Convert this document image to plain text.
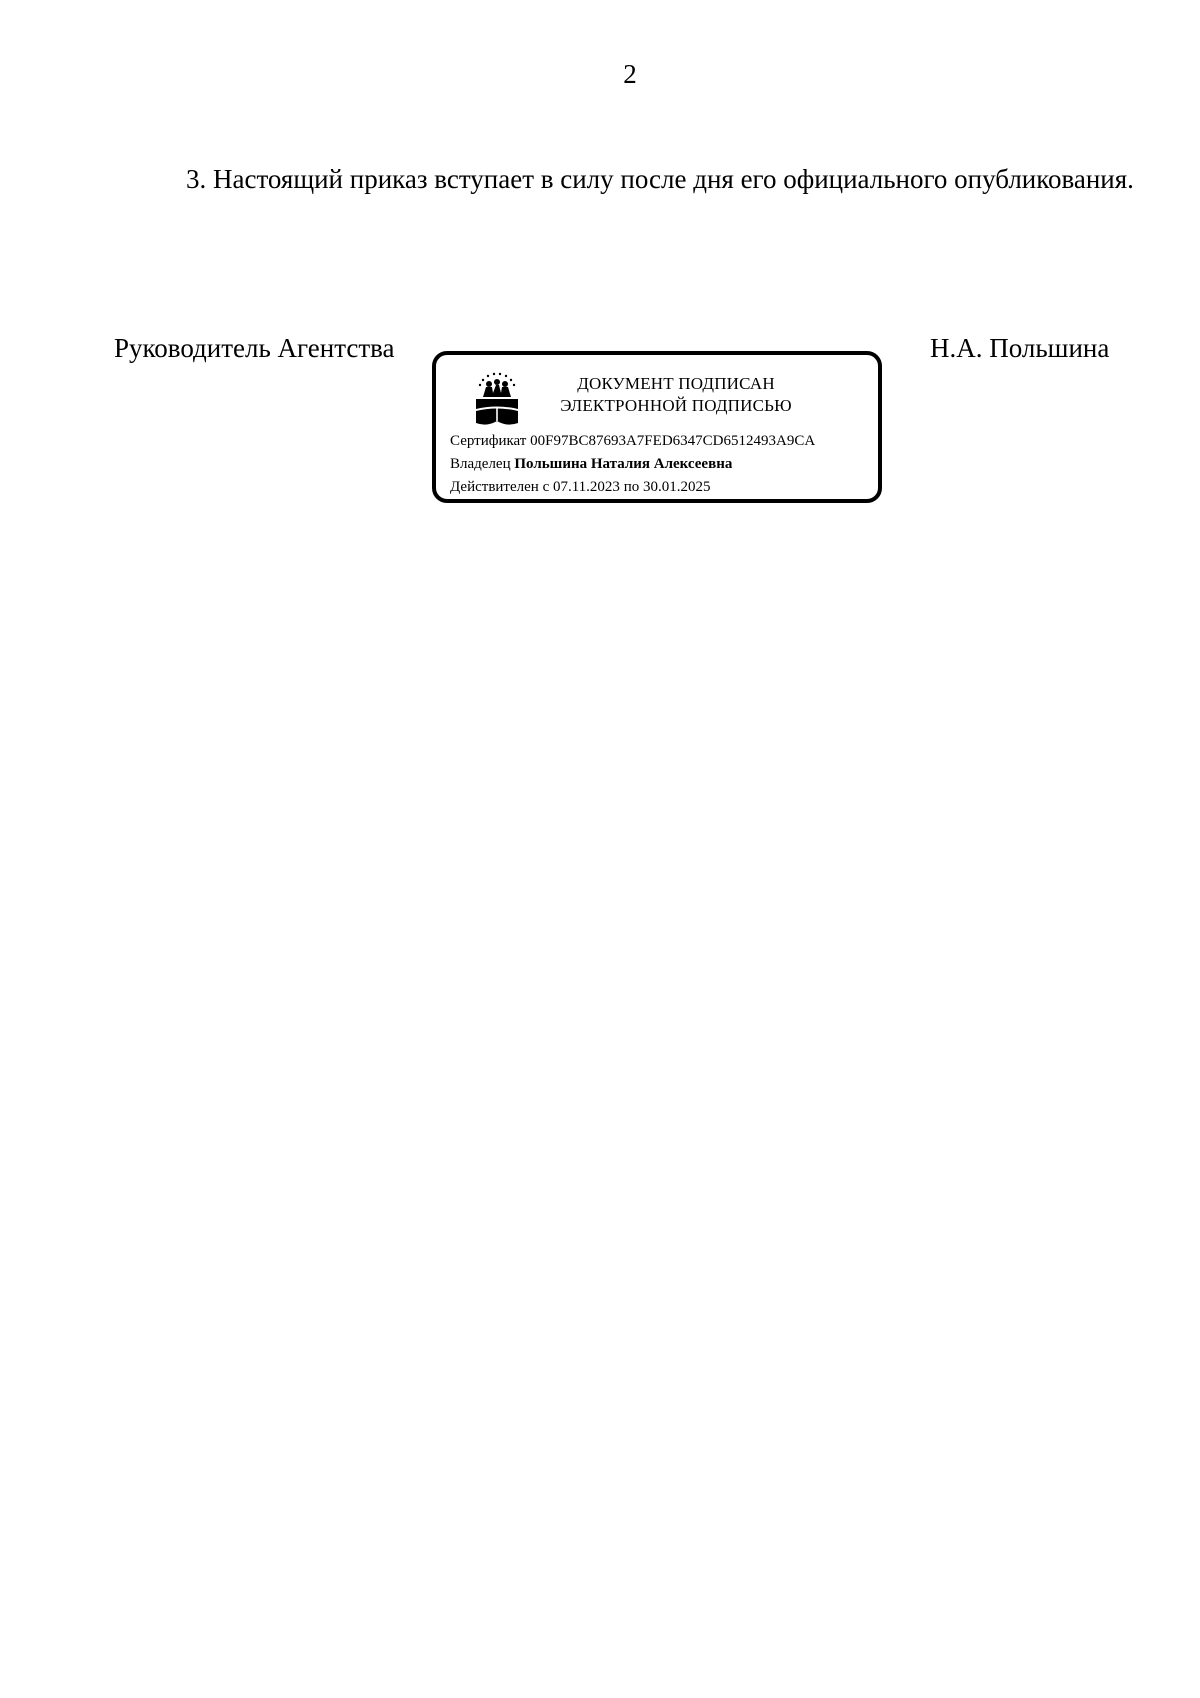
2

3. Настоящий приказ вступает в силу после дня его официального опубликования.

Руководитель Агентства	Н.А. Польшина
ДОКУМЕНТ ПОДПИСАН
ЭЛЕКТРОННОЙ ПОДПИСЬЮ
Сертификат 00F97BC87693A7FED6347CD6512493A9CA
Владелец Польшина Наталия Алексеевна
Действителен с 07.11.2023 по 30.01.2025
